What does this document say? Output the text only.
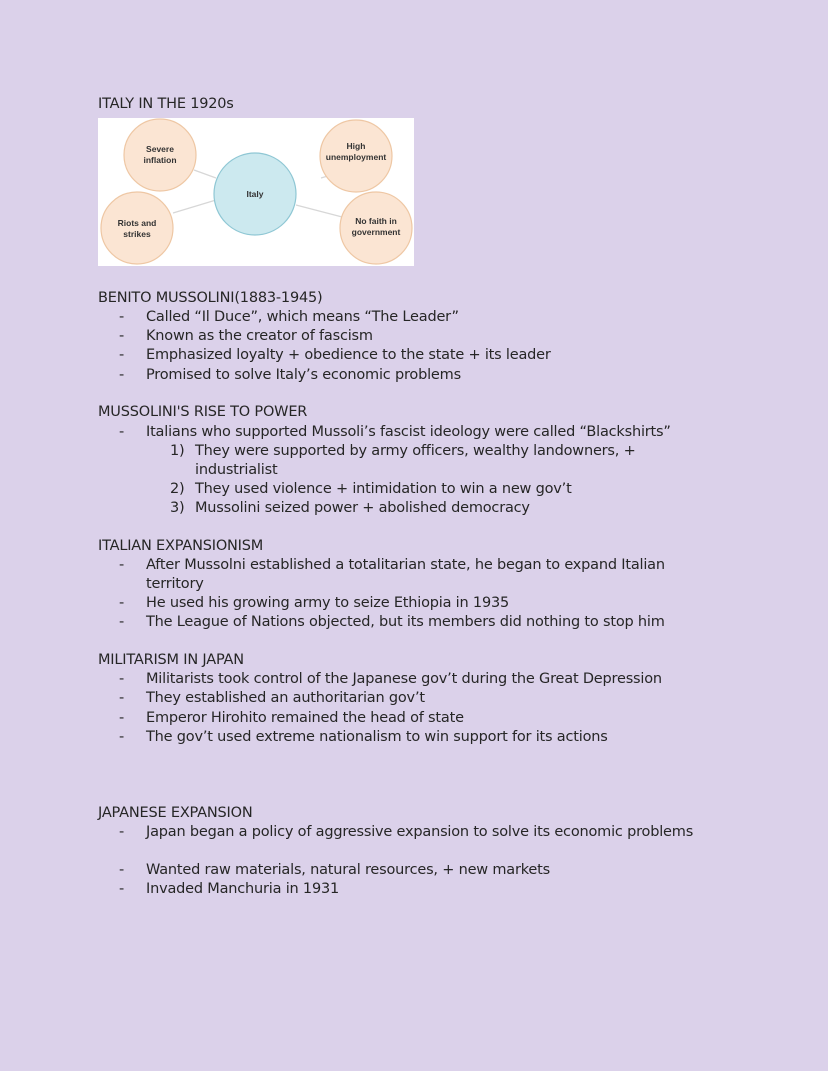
ITALY IN THE 1920s
Severe
inflation
High
unemployment
Riots and
strikes
No faith in
government
Italy
BENITO MUSSOLINI(1883-1945)
- Called “Il Duce”, which means “The Leader”
- Known as the creator of fascism
- Emphasized loyalty + obedience to the state + its leader
- Promised to solve Italy’s economic problems
MUSSOLINI'S RISE TO POWER
- Italians who supported Mussoli’s fascist ideology were called “Blackshirts”
1) They were supported by army officers, wealthy landowners, + industrialist
2) They used violence + intimidation to win a new gov’t
3) Mussolini seized power + abolished democracy
ITALIAN EXPANSIONISM
- After Mussolni established a totalitarian state, he began to expand Italian territory
- He used his growing army to seize Ethiopia in 1935
- The League of Nations objected, but its members did nothing to stop him
MILITARISM IN JAPAN
- Militarists took control of the Japanese gov’t during the Great Depression
- They established an authoritarian gov’t
- Emperor Hirohito remained the head of state
- The gov’t used extreme nationalism to win support for its actions
JAPANESE EXPANSION
- Japan began a policy of aggressive expansion to solve its economic problems
- Wanted raw materials, natural resources, + new markets
- Invaded Manchuria in 1931
